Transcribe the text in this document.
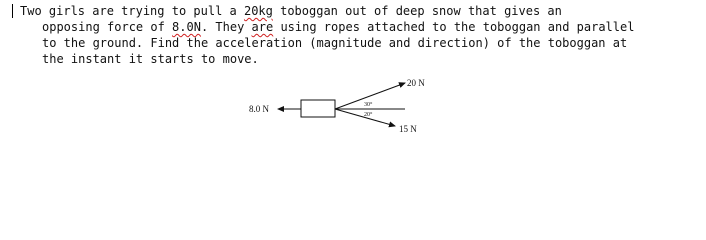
Two girls are trying to pull a 20kg toboggan out of deep snow that gives an
opposing force of 8.0N. They are using ropes attached to the toboggan and parallel
to the ground. Find the acceleration (magnitude and direction) of the toboggan at
the instant it starts to move.
8.0 N
20 N
15 N
30°
20°
